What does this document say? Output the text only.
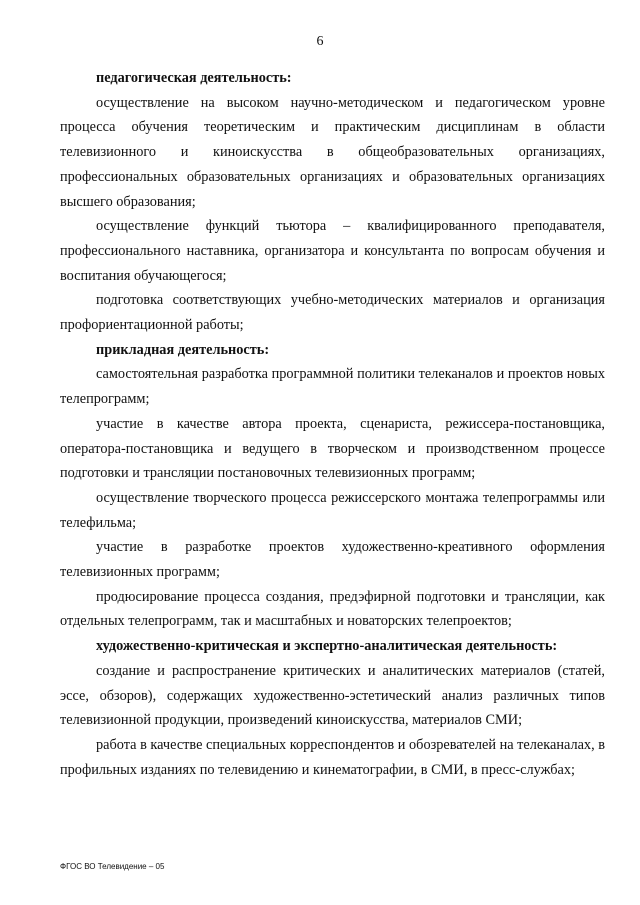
6

педагогическая деятельность:

осуществление на высоком научно-методическом и педагогическом уровне процесса обучения теоретическим и практическим дисциплинам в области телевизионного и киноискусства в общеобразовательных организациях, профессиональных образовательных организациях и образовательных организациях высшего образования;

осуществление функций тьютора – квалифицированного преподавателя, профессионального наставника, организатора и консультанта по вопросам обучения и воспитания обучающегося;

подготовка соответствующих учебно-методических материалов и организация профориентационной работы;

прикладная деятельность:

самостоятельная разработка программной политики телеканалов и проектов новых телепрограмм;

участие в качестве автора проекта, сценариста, режиссера-постановщика, оператора-постановщика и ведущего в творческом и производственном процессе подготовки и трансляции постановочных телевизионных программ;

осуществление творческого процесса режиссерского монтажа телепрограммы или телефильма;

участие в разработке проектов художественно-креативного оформления телевизионных программ;

продюсирование процесса создания, предэфирной подготовки и трансляции, как отдельных телепрограмм, так и масштабных и новаторских телепроектов;

художественно-критическая и экспертно-аналитическая деятельность:

создание и распространение критических и аналитических материалов (статей, эссе, обзоров), содержащих художественно-эстетический анализ различных типов телевизионной продукции, произведений киноискусства, материалов СМИ;

работа в качестве специальных корреспондентов и обозревателей на телеканалах, в профильных изданиях по телевидению и кинематографии, в СМИ, в пресс-службах;

ФГОС ВО Телевидение – 05
